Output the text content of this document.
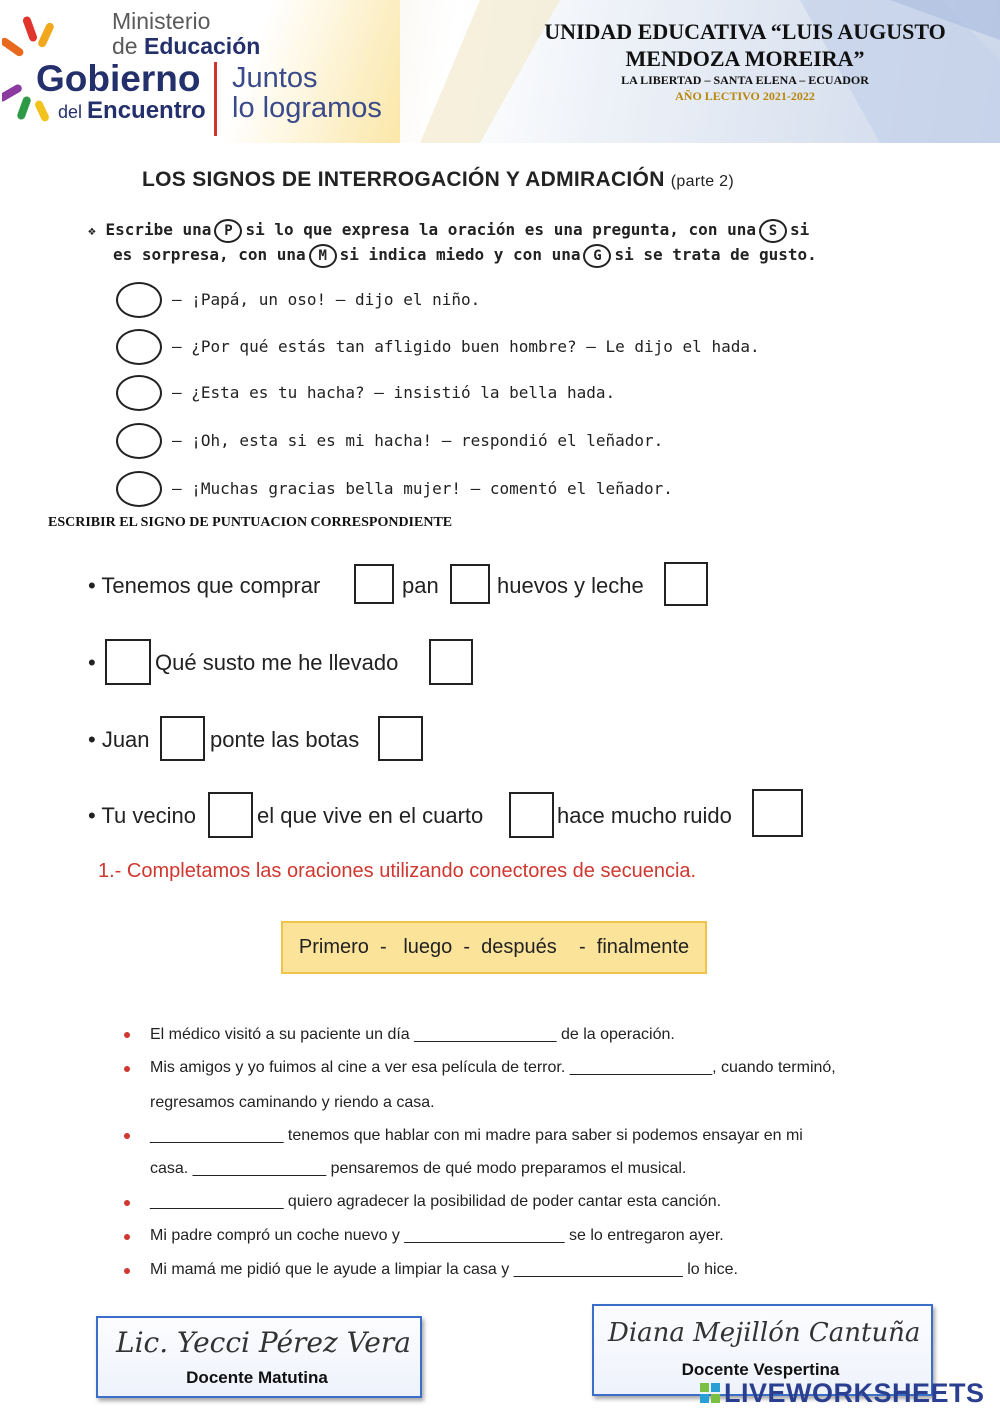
Ministerio
de Educación
Gobierno
del Encuentro
Juntos
lo logramos
UNIDAD EDUCATIVA “LUIS AUGUSTO MENDOZA MOREIRA”
LA LIBERTAD – SANTA ELENA – ECUADOR
AÑO LECTIVO 2021-2022
LOS SIGNOS DE INTERROGACIÓN Y ADMIRACIÓN (parte 2)
❖ Escribe una P si lo que expresa la oración es una pregunta, con una S si
es sorpresa, con una M si indica miedo y con una G si se trata de gusto.
— ¡Papá, un oso! — dijo el niño.
— ¿Por qué estás tan afligido buen hombre? — Le dijo el hada.
— ¿Esta es tu hacha? — insistió la bella hada.
— ¡Oh, esta si es mi hacha! — respondió el leñador.
— ¡Muchas gracias bella mujer! — comentó el leñador.
ESCRIBIR EL SIGNO DE PUNTUACION CORRESPONDIENTE
• Tenemos que comprar	pan	huevos y leche
•	Qué susto me he llevado
• Juan	ponte las botas
• Tu vecino	el que vive en el cuarto	hace mucho ruido
1.- Completamos las oraciones utilizando conectores de secuencia.
Primero  -   luego  -  después    -  finalmente
El médico visitó a su paciente un día ________________ de la operación.
Mis amigos y yo fuimos al cine a ver esa película de terror. ________________, cuando terminó,
regresamos caminando y riendo a casa.
_______________ tenemos que hablar con mi madre para saber si podemos ensayar en mi
casa. _______________ pensaremos de qué modo preparamos el musical.
_______________ quiero agradecer la posibilidad de poder cantar esta canción.
Mi padre compró un coche nuevo y __________________ se lo entregaron ayer.
Mi mamá me pidió que le ayude a limpiar la casa y ___________________ lo hice.
Lic. Yecci Pérez Vera
Docente Matutina
Diana Mejillón Cantuña
Docente Vespertina
LIVEWORKSHEETS
